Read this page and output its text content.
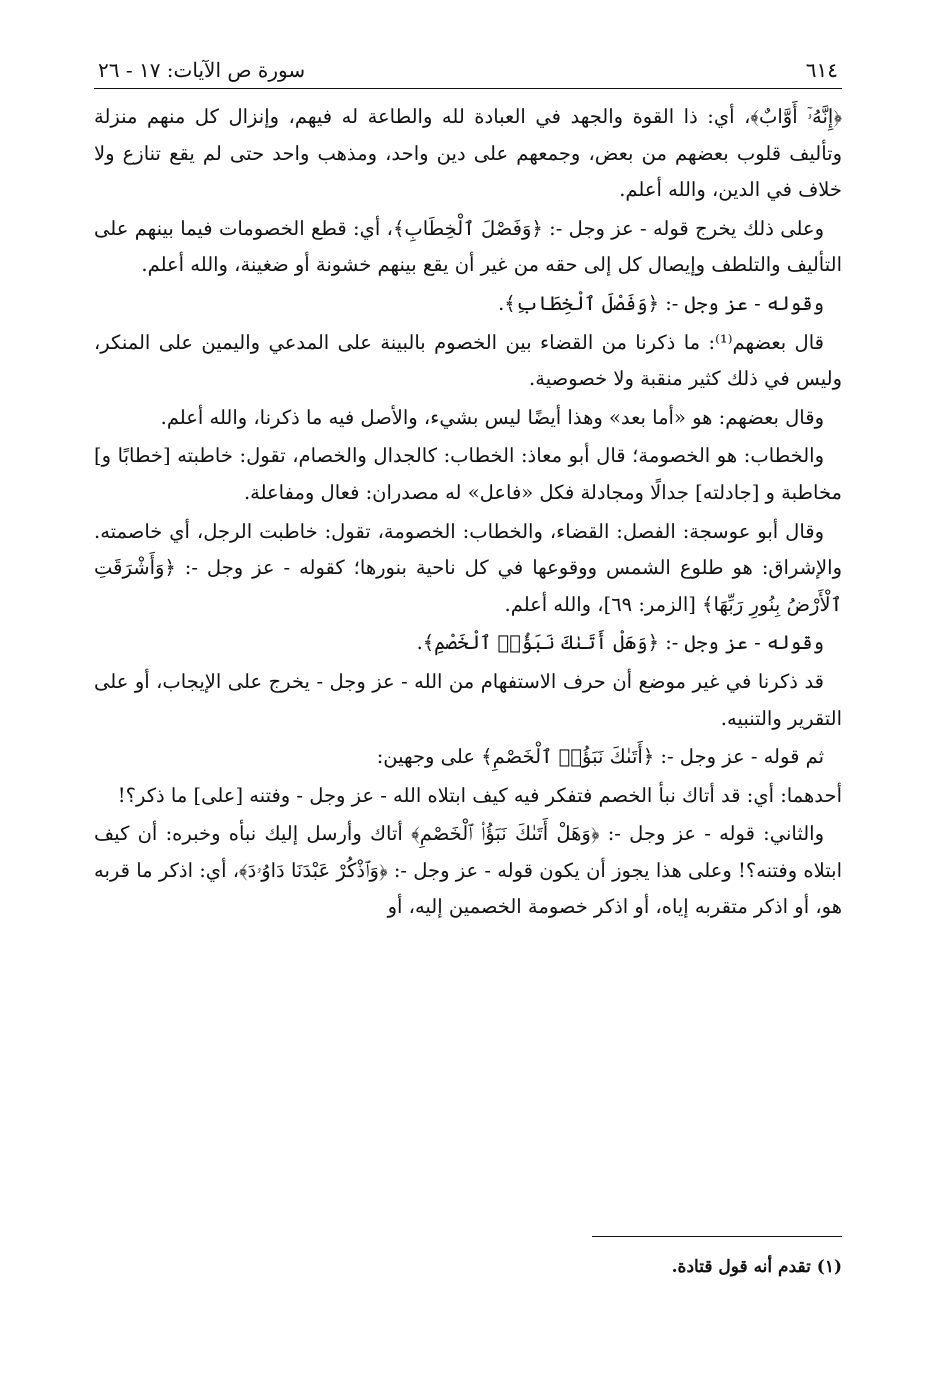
٦١٤
سورة ص الآيات: ١٧ - ٢٦

﴿إِنَّهُۥٓ أَوَّابٌ﴾، أي: ذا القوة والجهد في العبادة لله والطاعة له فيهم، وإنزال كل منهم منزلة وتأليف قلوب بعضهم من بعض، وجمعهم على دين واحد، ومذهب واحد حتى لم يقع تنازع ولا خلاف في الدين، والله أعلم.

وعلى ذلك يخرج قوله - عز وجل -: ﴿وَفَصْلَ ٱلْخِطَابِ﴾، أي: قطع الخصومات فيما بينهم على التأليف والتلطف وإيصال كل إلى حقه من غير أن يقع بينهم خشونة أو ضغينة، والله أعلم.

وقوله - عز وجل -: ﴿وَفَصْلَ ٱلْخِطَابِ﴾.

قال بعضهم⁽¹⁾: ما ذكرنا من القضاء بين الخصوم بالبينة على المدعي واليمين على المنكر، وليس في ذلك كثير منقبة ولا خصوصية.

وقال بعضهم: هو «أما بعد» وهذا أيضًا ليس بشيء، والأصل فيه ما ذكرنا، والله أعلم.

والخطاب: هو الخصومة؛ قال أبو معاذ: الخطاب: كالجدال والخصام، تقول: خاطبته [خطابًا و] مخاطبة و [جادلته] جدالًا ومجادلة فكل «فاعل» له مصدران: فعال ومفاعلة.

وقال أبو عوسجة: الفصل: القضاء، والخطاب: الخصومة، تقول: خاطبت الرجل، أي خاصمته. والإشراق: هو طلوع الشمس ووقوعها في كل ناحية بنورها؛ كقوله - عز وجل -: ﴿وَأَشْرَقَتِ ٱلْأَرْضُ بِنُورِ رَبِّهَا﴾ [الزمر: ٦٩]، والله أعلم.

وقوله - عز وجل -: ﴿وَهَلْ أَتَىٰكَ نَبَؤُا۟ ٱلْخَصْمِ﴾.

قد ذكرنا في غير موضع أن حرف الاستفهام من الله - عز وجل - يخرج على الإيجاب، أو على التقرير والتنبيه.

ثم قوله - عز وجل -: ﴿أَتَىٰكَ نَبَؤُا۟ ٱلْخَصْمِ﴾ على وجهين:

أحدهما: أي: قد أتاك نبأ الخصم فتفكر فيه كيف ابتلاه الله - عز وجل - وفتنه [على] ما ذكر؟!

والثاني: قوله - عز وجل -: ﴿وَهَلْ أَتَىٰكَ نَبَؤُا۟ ٱلْخَصْمِ﴾ أتاك وأرسل إليك نبأه وخبره: أن كيف ابتلاه وفتنه؟! وعلى هذا يجوز أن يكون قوله - عز وجل -: ﴿وَٱذْكُرْ عَبْدَنَا دَاوُۥدَ﴾، أي: اذكر ما قربه هو، أو اذكر متقربه إياه، أو اذكر خصومة الخصمين إليه، أو

(١) تقدم أنه قول قتادة.
